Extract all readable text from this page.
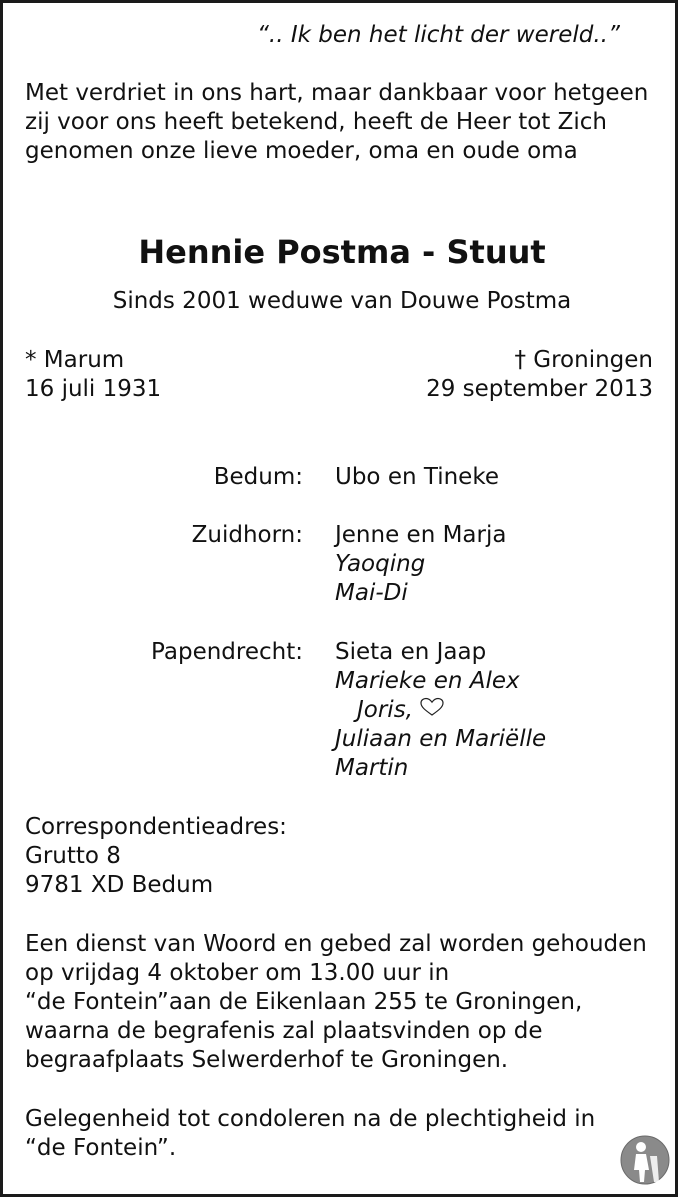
“.. Ik ben het licht der wereld..”

Met verdriet in ons hart, maar dankbaar voor hetgeen

zij voor ons heeft betekend, heeft de Heer tot Zich

genomen onze lieve moeder, oma en oude oma

Hennie Postma - Stuut

Sinds 2001 weduwe van Douwe Postma

* Marum

16 juli 1931

† Groningen

29 september 2013

Bedum: Ubo en Tineke

Zuidhorn: Jenne en Marja

Yaoqing

Mai-Di

Papendrecht: Sieta en Jaap

Marieke en Alex

Joris,

Juliaan en Mariëlle

Martin

Correspondentieadres:

Grutto 8

9781 XD Bedum

Een dienst van Woord en gebed zal worden gehouden

op vrijdag 4 oktober om 13.00 uur in

“de Fontein”aan de Eikenlaan 255 te Groningen,

waarna de begrafenis zal plaatsvinden op de

begraafplaats Selwerderhof te Groningen.

Gelegenheid tot condoleren na de plechtigheid in

“de Fontein”.
